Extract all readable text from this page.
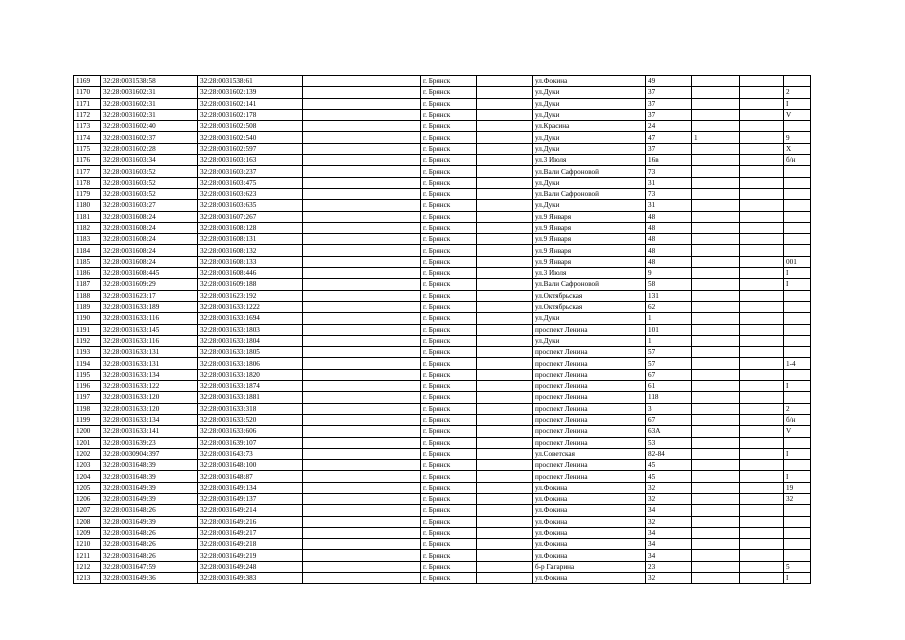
1169	32:28:0031538:58	32:28:0031538:61		г. Брянск		ул.Фокина	49			
1170	32:28:0031602:31	32:28:0031602:139		г. Брянск		ул.Дуки	37			2
1171	32:28:0031602:31	32:28:0031602:141		г. Брянск		ул.Дуки	37			I
1172	32:28:0031602:31	32:28:0031602:178		г. Брянск		ул.Дуки	37			V
1173	32:28:0031602:40	32:28:0031602:508		г. Брянск		ул.Красина	24			
1174	32:28:0031602:37	32:28:0031602:540		г. Брянск		ул.Дуки	47	1		9
1175	32:28:0031602:28	32:28:0031602:597		г. Брянск		ул.Дуки	37			X
1176	32:28:0031603:34	32:28:0031603:163		г. Брянск		ул.3 Июля	16в			б/н
1177	32:28:0031603:52	32:28:0031603:237		г. Брянск		ул.Вали Сафроновой	73			
1178	32:28:0031603:52	32:28:0031603:475		г. Брянск		ул.Дуки	31			
1179	32:28:0031603:52	32:28:0031603:623		г. Брянск		ул.Вали Сафроновой	73			
1180	32:28:0031603:27	32:28:0031603:635		г. Брянск		ул.Дуки	31			
1181	32:28:0031608:24	32:28:0031607:267		г. Брянск		ул.9 Января	48			
1182	32:28:0031608:24	32:28:0031608:128		г. Брянск		ул.9 Января	48			
1183	32:28:0031608:24	32:28:0031608:131		г. Брянск		ул.9 Января	48			
1184	32:28:0031608:24	32:28:0031608:132		г. Брянск		ул.9 Января	48			
1185	32:28:0031608:24	32:28:0031608:133		г. Брянск		ул.9 Января	48			001
1186	32:28:0031608:445	32:28:0031608:446		г. Брянск		ул.3 Июля	9			I
1187	32:28:0031609:29	32:28:0031609:188		г. Брянск		ул.Вали Сафроновой	58			I
1188	32:28:0031623:17	32:28:0031623:192		г. Брянск		ул.Октябрьская	131			
1189	32:28:0031633:189	32:28:0031633:1222		г. Брянск		ул.Октябрьская	62			
1190	32:28:0031633:116	32:28:0031633:1694		г. Брянск		ул.Дуки	1			
1191	32:28:0031633:145	32:28:0031633:1803		г. Брянск		проспект Ленина	101			
1192	32:28:0031633:116	32:28:0031633:1804		г. Брянск		ул.Дуки	1			
1193	32:28:0031633:131	32:28:0031633:1805		г. Брянск		проспект Ленина	57			
1194	32:28:0031633:131	32:28:0031633:1806		г. Брянск		проспект Ленина	57			1-4
1195	32:28:0031633:134	32:28:0031633:1820		г. Брянск		проспект Ленина	67			
1196	32:28:0031633:122	32:28:0031633:1874		г. Брянск		проспект Ленина	61			I
1197	32:28:0031633:120	32:28:0031633:1881		г. Брянск		проспект Ленина	118			
1198	32:28:0031633:120	32:28:0031633:318		г. Брянск		проспект Ленина	3			2
1199	32:28:0031633:134	32:28:0031633:520		г. Брянск		проспект Ленина	67			б/н
1200	32:28:0031633:141	32:28:0031633:606		г. Брянск		проспект Ленина	63А			V
1201	32:28:0031639:23	32:28:0031639:107		г. Брянск		проспект Ленина	53			
1202	32:28:0030904:397	32:28:0031643:73		г. Брянск		ул.Советская	82-84			I
1203	32:28:0031648:39	32:28:0031648:100		г. Брянск		проспект Ленина	45			
1204	32:28:0031648:39	32:28:0031648:87		г. Брянск		проспект Ленина	45			I
1205	32:28:0031649:39	32:28:0031649:134		г. Брянск		ул.Фокина	32			19
1206	32:28:0031649:39	32:28:0031649:137		г. Брянск		ул.Фокина	32			32
1207	32:28:0031648:26	32:28:0031649:214		г. Брянск		ул.Фокина	34			
1208	32:28:0031649:39	32:28:0031649:216		г. Брянск		ул.Фокина	32			
1209	32:28:0031648:26	32:28:0031649:217		г. Брянск		ул.Фокина	34			
1210	32:28:0031648:26	32:28:0031649:218		г. Брянск		ул.Фокина	34			
1211	32:28:0031648:26	32:28:0031649:219		г. Брянск		ул.Фокина	34			
1212	32:28:0031647:59	32:28:0031649:248		г. Брянск		б-р Гагарина	23			5
1213	32:28:0031649:36	32:28:0031649:383		г. Брянск		ул.Фокина	32			I
